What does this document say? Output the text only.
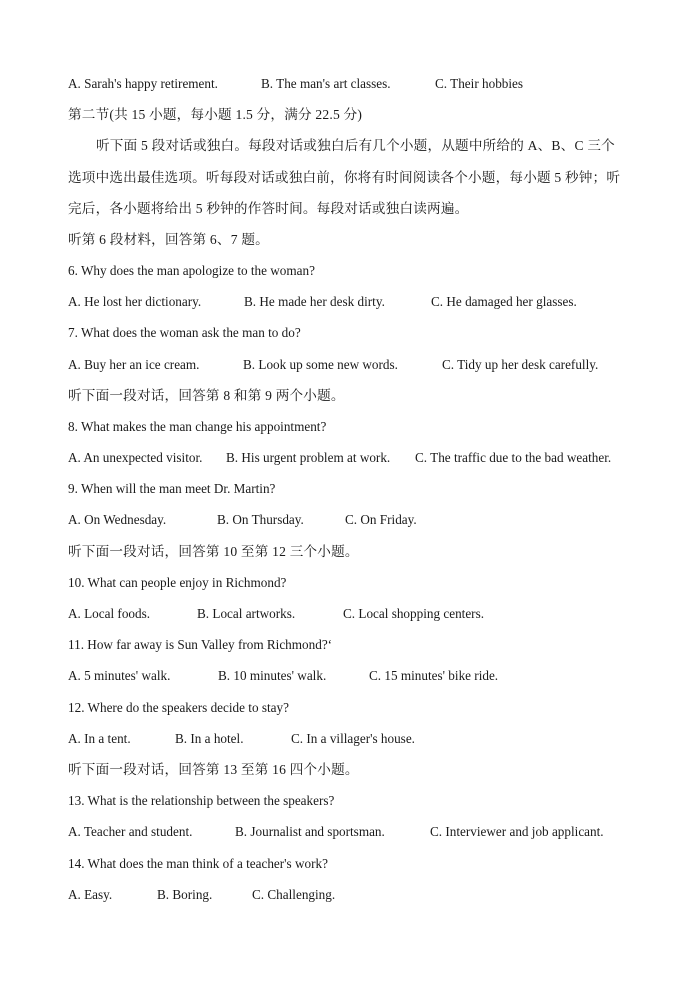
A. Sarah's happy retirement.	B. The man's art classes.	C. Their hobbies
第二节(共 15 小题，每小题 1.5 分，满分 22.5 分)
听下面 5 段对话或独白。每段对话或独白后有几个小题，从题中所给的 A、B、C 三个
选项中选出最佳选项。听每段对话或独白前，你将有时间阅读各个小题，每小题 5 秒钟；听
完后，各小题将给出 5 秒钟的作答时间。每段对话或独白读两遍。
听第 6 段材料，回答第 6、7 题。
6. Why does the man apologize to the woman?
A. He lost her dictionary.	B. He made her desk dirty.	C. He damaged her glasses.
7. What does the woman ask the man to do?
A. Buy her an ice cream.	B. Look up some new words.	C. Tidy up her desk carefully.
听下面一段对话，回答第 8 和第 9 两个小题。
8. What makes the man change his appointment?
A. An unexpected visitor. B. His urgent problem at work. C. The traffic due to the bad weather.
9. When will the man meet Dr. Martin?
A. On Wednesday.	B. On Thursday.	C. On Friday.
听下面一段对话，回答第 10 至第 12 三个小题。
10. What can people enjoy in Richmond?
A. Local foods.	B. Local artworks.	C. Local shopping centers.
11. How far away is Sun Valley from Richmond?‘
A. 5 minutes' walk.	B. 10 minutes' walk.	C. 15 minutes' bike ride.
12. Where do the speakers decide to stay?
A. In a tent.	B. In a hotel.	C. In a villager's house.
听下面一段对话，回答第 13 至第 16 四个小题。
13. What is the relationship between the speakers?
A. Teacher and student.	B. Journalist and sportsman.	C. Interviewer and job applicant.
14. What does the man think of a teacher's work?
A. Easy.	B. Boring.	C. Challenging.
